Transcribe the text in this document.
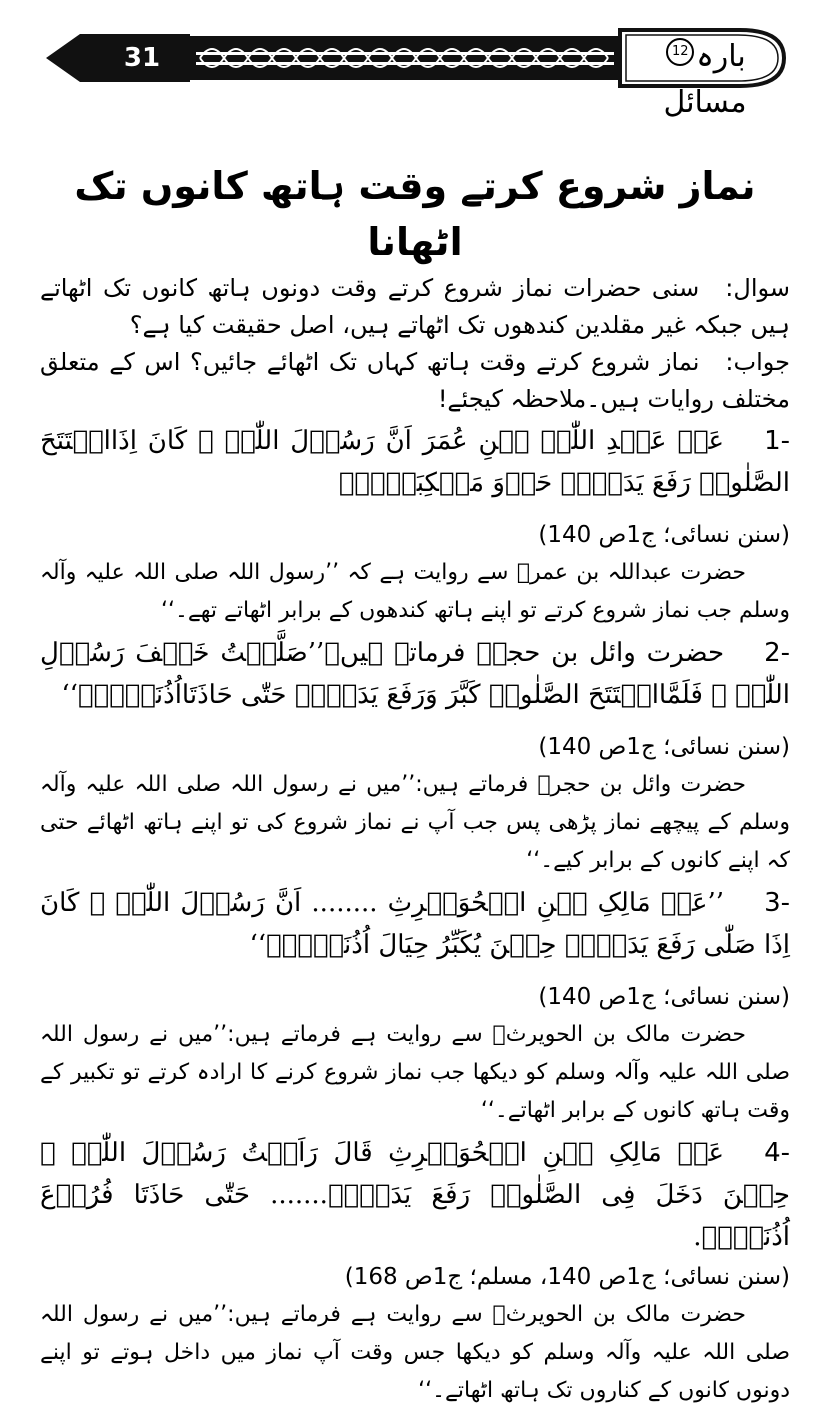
31	بارہ12مسائل
نماز شروع کرتے وقت ہاتھ کانوں تک اٹھانا

سوال:سنی حضرات نماز شروع کرتے وقت دونوں ہاتھ کانوں تک اٹھاتے ہیں جبکہ غیر مقلدین کندھوں تک اٹھاتے ہیں، اصل حقیقت کیا ہے؟

جواب:نماز شروع کرتے وقت ہاتھ کہاں تک اٹھائے جائیں؟ اس کے متعلق مختلف روایات ہیں۔ملاحظہ کیجئے!

1-عَنۡ عَبۡدِ اللّٰہِ بۡنِ عُمَرَ اَنَّ رَسُوۡلَ اللّٰہِ ﷺ کَانَ اِذَاافۡتَتَحَ الصَّلٰوۃَ رَفَعَ یَدَیۡہِ حَذۡوَ مَنۡکِبَیۡہِ۔

(سنن نسائی؛ ج1ص 140)

حضرت عبداللہ بن عمرؓ سے روایت ہے کہ ’’رسول اللہ صلی اللہ علیہ وآلہ وسلم جب نماز شروع کرتے تو اپنے ہاتھ کندھوں کے برابر اٹھاتے تھے۔‘‘

2-حضرت وائل بن حجرؓ فرماتے ہیں۔’’صَلَّیۡتُ خَلۡفَ رَسُوۡلِ اللّٰہِ ﷺ فَلَمَّاافۡتَتَحَ الصَّلٰوۃَ کَبَّرَ وَرَفَعَ یَدَیۡہِ حَتّٰی حَاذَتَااُذُنَیۡہِ۔‘‘

(سنن نسائی؛ ج1ص 140)

حضرت وائل بن حجرؓ فرماتے ہیں:’’میں نے رسول اللہ صلی اللہ علیہ وآلہ وسلم کے پیچھے نماز پڑھی پس جب آپ نے نماز شروع کی تو اپنے ہاتھ اٹھائے حتی کہ اپنے کانوں کے برابر کیے۔‘‘

3-’’عَنۡ مَالِکِ بۡنِ الۡحُوَیۡرِثِ ........ اَنَّ رَسُوۡلَ اللّٰہِ ﷺ کَانَ اِذَا صَلّٰی رَفَعَ یَدَیۡہِ حِیۡنَ یُکَبِّرُ حِیَالَ اُذُنَیۡہِ۔‘‘

(سنن نسائی؛ ج1ص 140)

حضرت مالک بن الحویرثؓ سے روایت ہے فرماتے ہیں:’’میں نے رسول اللہ صلی اللہ علیہ وآلہ وسلم کو دیکھا جب نماز شروع کرنے کا ارادہ کرتے تو تکبیر کے وقت ہاتھ کانوں کے برابر اٹھاتے۔‘‘

4-عَنۡ مَالِکِ بۡنِ الۡحُوَیۡرِثِ قَالَ رَاَیۡتُ رَسُوۡلَ اللّٰہِ ﷺ حِیۡنَ دَخَلَ فِی الصَّلٰوۃِ رَفَعَ یَدَیۡہِ....... حَتّٰی حَاذَتَا فُرُوۡعَ اُذُنَیۡہِ.

(سنن نسائی؛ ج1ص 140، مسلم؛ ج1ص 168)

حضرت مالک بن الحویرثؓ سے روایت ہے فرماتے ہیں:’’میں نے رسول اللہ صلی اللہ علیہ وآلہ وسلم کو دیکھا جس وقت آپ نماز میں داخل ہوتے تو اپنے دونوں کانوں کے کناروں تک ہاتھ اٹھاتے۔‘‘
